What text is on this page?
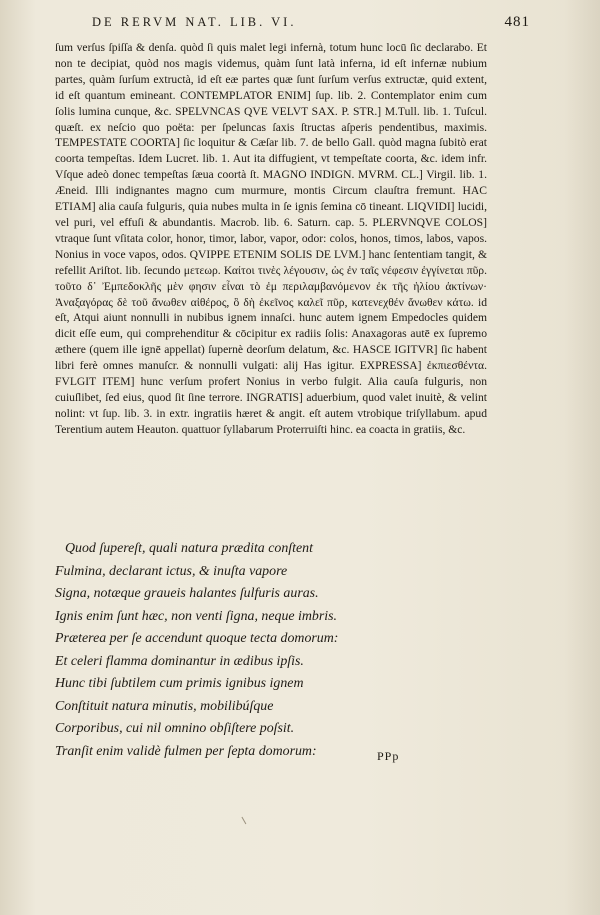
DE RERVM NAT. LIB. VI.	481

ſum verſus ſpiſſa & denſa. quòd ſi quis malet legi infernà, totum hunc locū ſic declarabo. Et non te decipiat, quòd nos magis videmus, quàm ſunt latà inferna, id eſt infernæ nubium partes, quàm ſurſum extructà, id eſt eæ partes quæ ſunt ſurſum verſus extructæ, quid extent, id eſt quantum emineant. CONTEMPLATOR ENIM] ſup. lib. 2. Contemplator enim cum ſolis lumina cunque, &c. SPELVNCAS QVE VELVT SAX. P. STR.] M.Tull. lib. 1. Tuſcul. quæſt. ex neſcio quo poëta: per ſpeluncas ſaxis ſtructas aſperis pendentibus, maximis. TEMPESTATE COORTA] ſic loquitur & Cæſar lib. 7. de bello Gall. quòd magna ſubitò erat coorta tempeſtas. Idem Lucret. lib. 1. Aut ita diffugient, vt tempeſtate coorta, &c. idem infr. Vſque adeò donec tempeſtas ſæua coortà ſt. MAGNO INDIGN. MVRM. CL.] Virgil. lib. 1. Æneid. Illi indignantes magno cum murmure, montis Circum clauſtra fremunt. HAC ETIAM] alia cauſa fulguris, quia nubes multa in ſe ignis ſemina cō tineant. LIQVIDI] lucidi, vel puri, vel effuſi & abundantis. Macrob. lib. 6. Saturn. cap. 5. PLERVNQVE COLOS] vtraque ſunt vſitata color, honor, timor, labor, vapor, odor: colos, honos, timos, labos, vapos. Nonius in voce vapos, odos. QVIPPE ETENIM SOLIS DE LVM.] hanc ſententiam tangit, & refellit Ariſtot. lib. ſecundo μετεωρ. Καίτοι τινὲς λέγουσιν, ὡς ἐν ταῖς νέφεσιν ἐγγίνεται πῦρ. τοῦτο δ᾽ Ἐμπεδοκλῆς μὲν φησιν εἶναι τὸ ἐμ περιλαμβανόμενον ἐκ τῆς ἡλίου ἀκτίνων· Ἀναξαγόρας δὲ τοῦ ἄνωθεν αἰθέρος, ὃ δὴ ἐκεῖνος καλεῖ πῦρ, κατενεχθέν ἄνωθεν κάτω. id eſt, Atqui aiunt nonnulli in nubibus ignem innaſci. hunc autem ignem Empedocles quidem dicit eſſe eum, qui comprehenditur & cōcipitur ex radiis ſolis: Anaxagoras autē ex ſupremo æthere (quem ille ignē appellat) ſupernè deorſum delatum, &c. HASCE IGITVR] ſic habent libri ferè omnes manuſcr. & nonnulli vulgati: alij Has igitur. EXPRESSA] ἐκπιεσθέντα. FVLGIT ITEM] hunc verſum profert Nonius in verbo fulgit. Alia cauſa fulguris, non cuiuſlibet, ſed eius, quod ſit ſine terrore. INGRATIS] aduerbium, quod valet inuitè, & velint nolint: vt ſup. lib. 3. in extr. ingratiis hæret & angit. eſt autem vtrobique triſyllabum. apud Terentium autem Heauton. quattuor ſyllabarum Proterruiſti hinc. ea coacta in gratiis, &c.

Quod ſupereſt, quali natura prædita conſtent
Fulmina, declarant ictus, & inuſta vapore
Signa, notæque graueis halantes ſulfuris auras.
Ignis enim ſunt hæc, non venti ſigna, neque imbris.
Præterea per ſe accendunt quoque tecta domorum:
Et celeri flamma dominantur in ædibus ipſis.
Hunc tibi ſubtilem cum primis ignibus ignem
Conſtituit natura minutis, mobilibúſque
Corporibus, cui nil omnino obſiſtere poſsit.
Tranſit enim validè fulmen per ſepta domorum:	PPp
